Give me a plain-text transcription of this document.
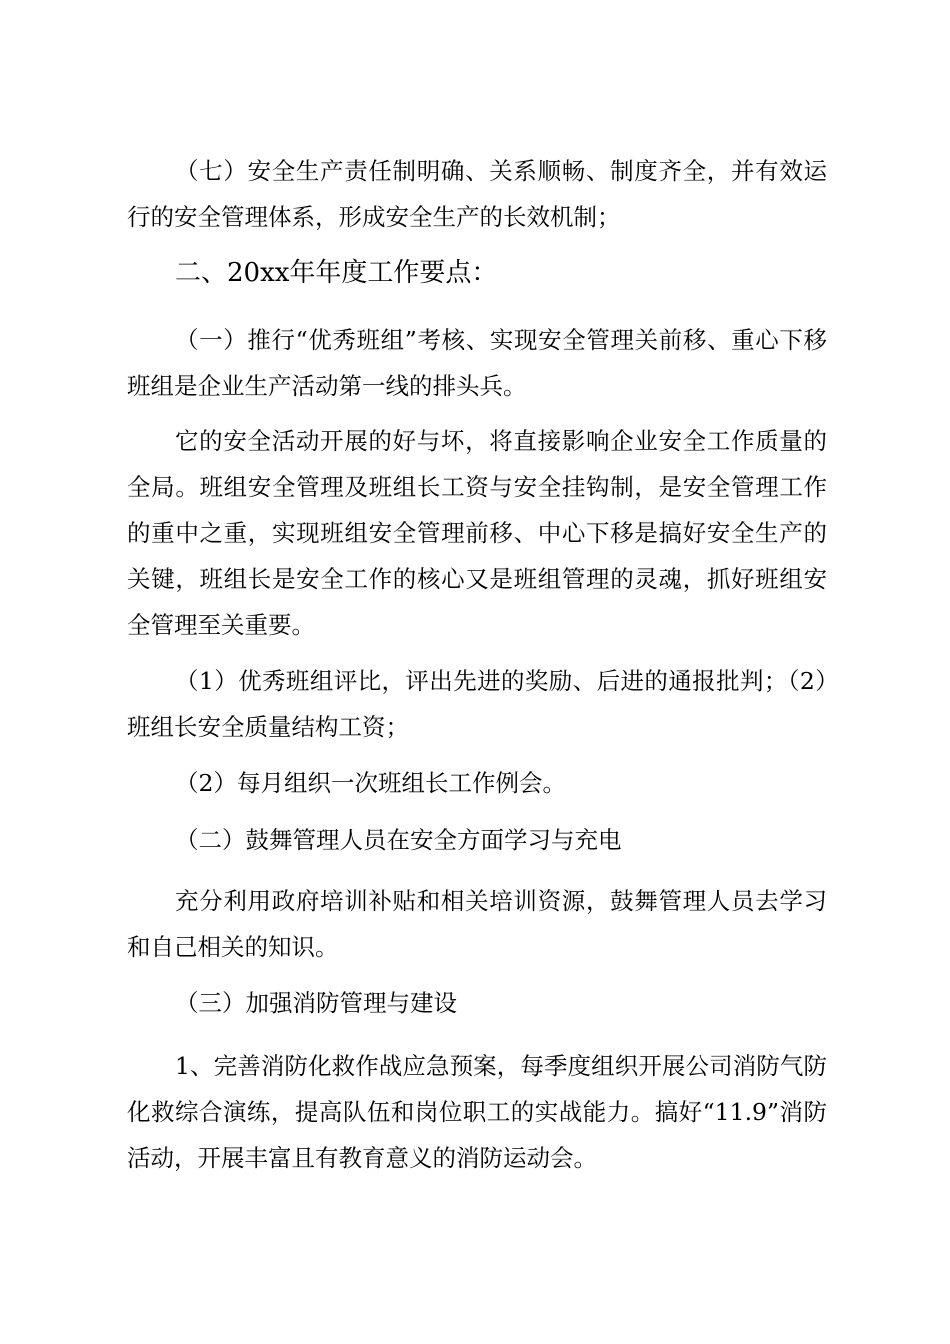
（七）安全生产责任制明确、关系顺畅、制度齐全，并有效运行的安全管理体系，形成安全生产的长效机制；

二、20xx年年度工作要点：

（一）推行“优秀班组”考核、实现安全管理关前移、重心下移班组是企业生产活动第一线的排头兵。

它的安全活动开展的好与坏，将直接影响企业安全工作质量的全局。班组安全管理及班组长工资与安全挂钩制，是安全管理工作的重中之重，实现班组安全管理前移、中心下移是搞好安全生产的关键，班组长是安全工作的核心又是班组管理的灵魂，抓好班组安全管理至关重要。

（1）优秀班组评比，评出先进的奖励、后进的通报批判；（2）班组长安全质量结构工资；

（2）每月组织一次班组长工作例会。

（二）鼓舞管理人员在安全方面学习与充电

充分利用政府培训补贴和相关培训资源，鼓舞管理人员去学习和自己相关的知识。

（三）加强消防管理与建设

1、完善消防化救作战应急预案，每季度组织开展公司消防气防化救综合演练，提高队伍和岗位职工的实战能力。搞好“11.9”消防活动，开展丰富且有教育意义的消防运动会。
